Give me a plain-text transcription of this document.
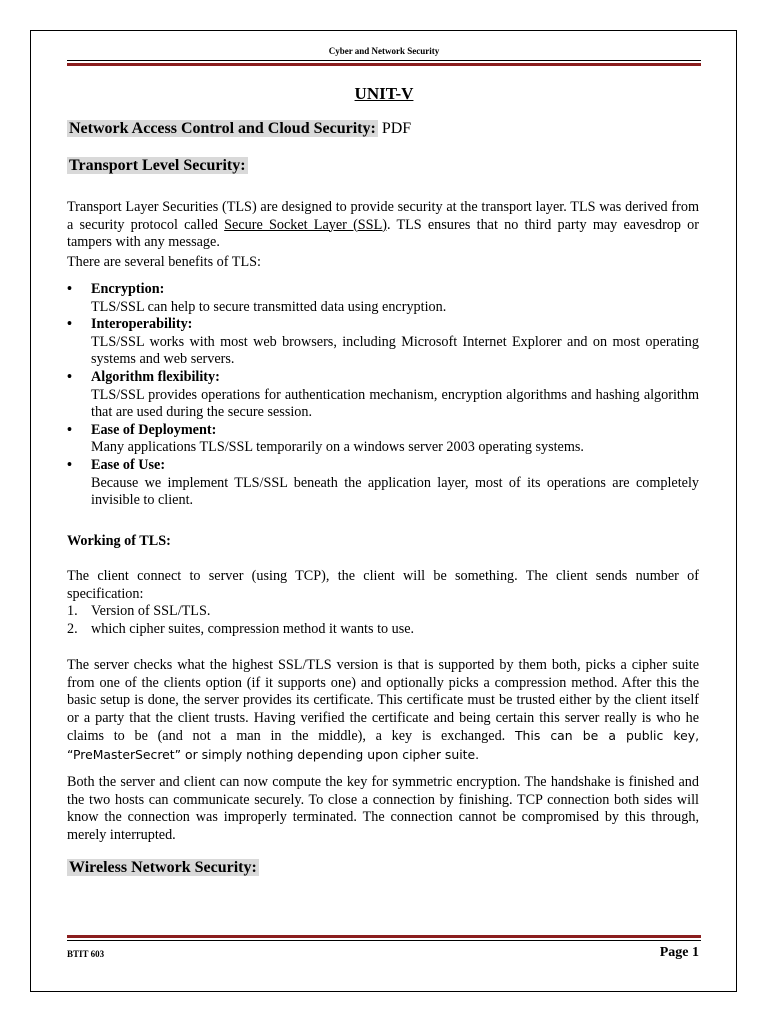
Cyber and Network Security
UNIT-V
Network Access Control and Cloud Security: PDF
Transport Level Security:
Transport Layer Securities (TLS) are designed to provide security at the transport layer. TLS was derived from a security protocol called Secure Socket Layer (SSL). TLS ensures that no third party may eavesdrop or tampers with any message.
There are several benefits of TLS:
• Encryption:
TLS/SSL can help to secure transmitted data using encryption.
• Interoperability:
TLS/SSL works with most web browsers, including Microsoft Internet Explorer and on most operating systems and web servers.
• Algorithm flexibility:
TLS/SSL provides operations for authentication mechanism, encryption algorithms and hashing algorithm that are used during the secure session.
• Ease of Deployment:
Many applications TLS/SSL temporarily on a windows server 2003 operating systems.
• Ease of Use:
Because we implement TLS/SSL beneath the application layer, most of its operations are completely invisible to client.
Working of TLS:
The client connect to server (using TCP), the client will be something. The client sends number of specification:
1. Version of SSL/TLS.
2. which cipher suites, compression method it wants to use.
The server checks what the highest SSL/TLS version is that is supported by them both, picks a cipher suite from one of the clients option (if it supports one) and optionally picks a compression method. After this the basic setup is done, the server provides its certificate. This certificate must be trusted either by the client itself or a party that the client trusts. Having verified the certificate and being certain this server really is who he claims to be (and not a man in the middle), a key is exchanged. This can be a public key, “PreMasterSecret” or simply nothing depending upon cipher suite.
Both the server and client can now compute the key for symmetric encryption. The handshake is finished and the two hosts can communicate securely. To close a connection by finishing. TCP connection both sides will know the connection was improperly terminated. The connection cannot be compromised by this through, merely interrupted.
Wireless Network Security:
BTIT 603	Page 1
